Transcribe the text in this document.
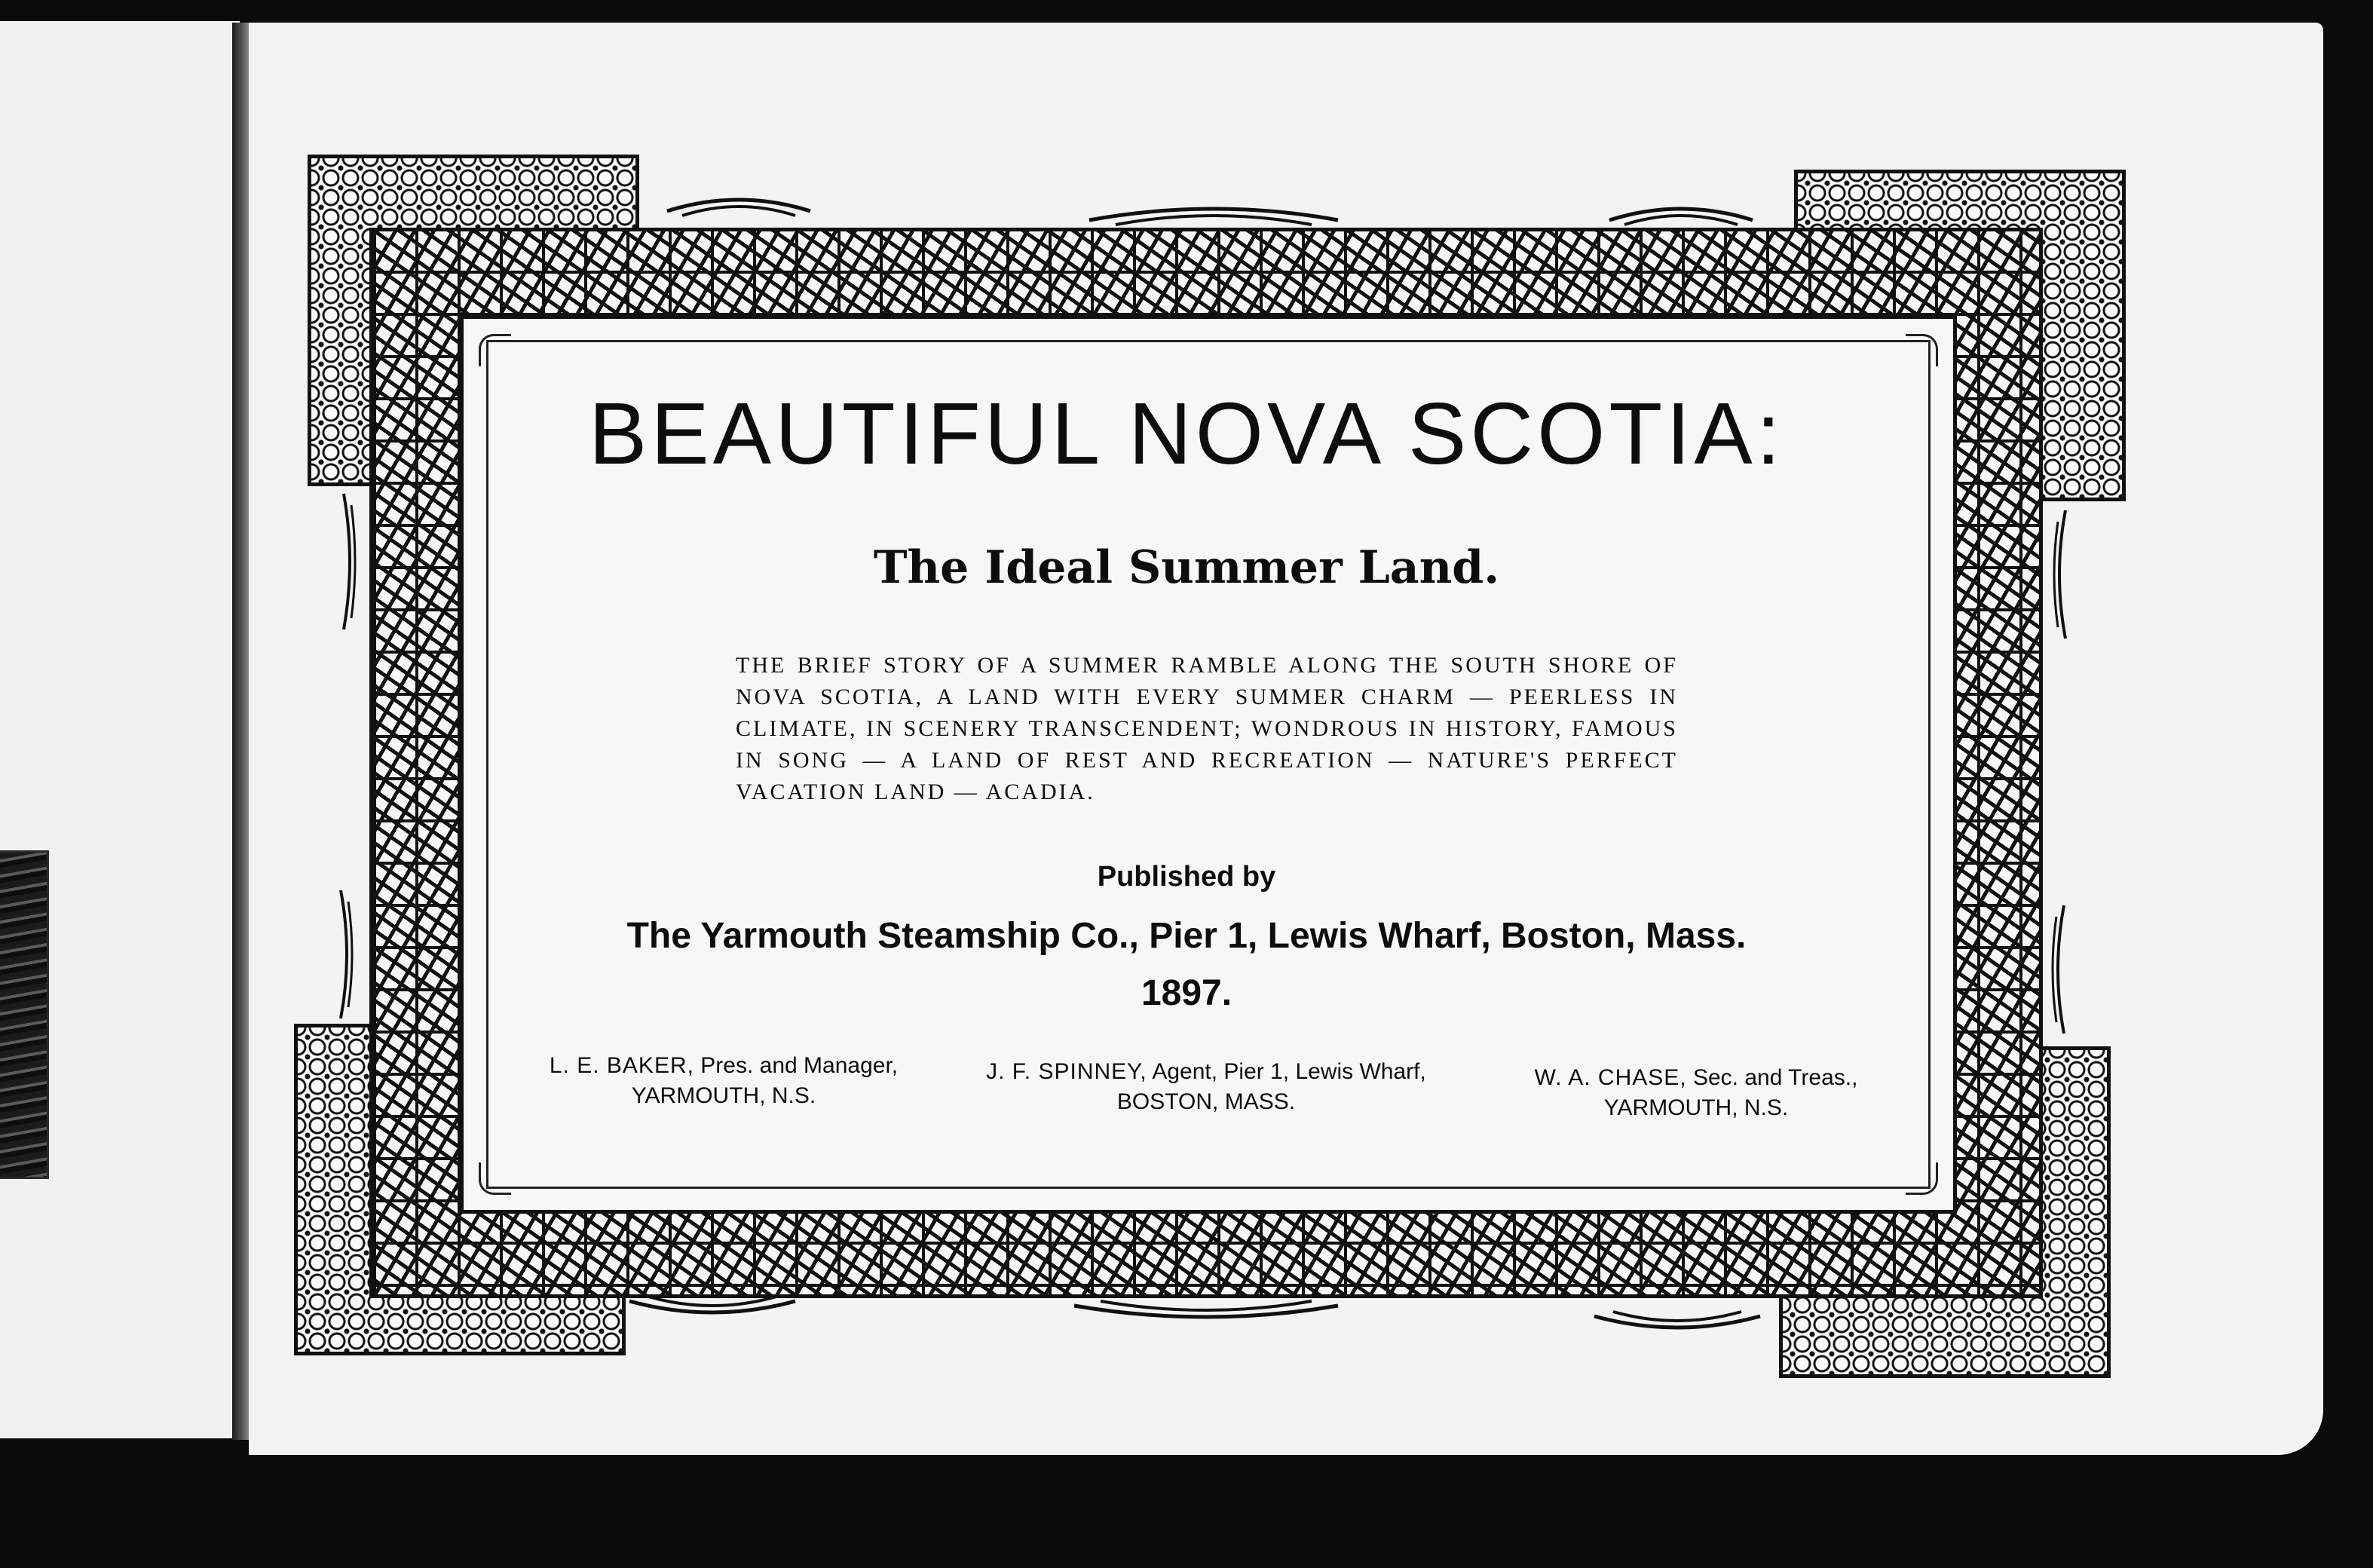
BEAUTIFUL NOVA SCOTIA:
The Ideal Summer Land.
THE BRIEF STORY OF A SUMMER RAMBLE ALONG THE SOUTH SHORE OF NOVA SCOTIA, A LAND WITH EVERY SUMMER CHARM — PEERLESS IN CLIMATE, IN SCENERY TRANSCENDENT; WONDROUS IN HISTORY, FAMOUS IN SONG — A LAND OF REST AND RECREATION — NATURE'S PERFECT VACATION LAND — ACADIA.
Published by
The Yarmouth Steamship Co., Pier 1, Lewis Wharf, Boston, Mass.
1897.
L. E. BAKER, Pres. and Manager,
YARMOUTH, N.S.
J. F. SPINNEY, Agent, Pier 1, Lewis Wharf,
BOSTON, MASS.
W. A. CHASE, Sec. and Treas.,
YARMOUTH, N.S.
